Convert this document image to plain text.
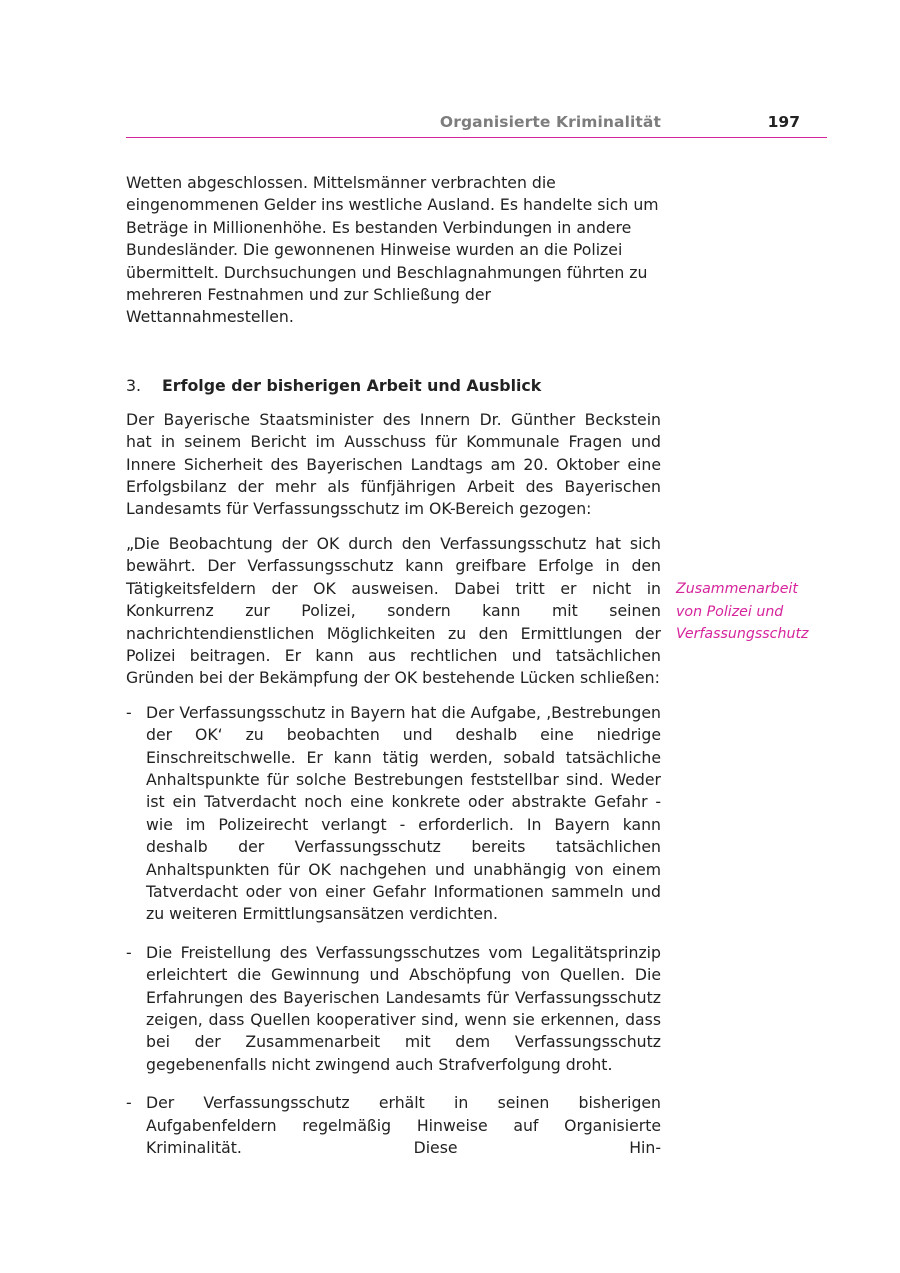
Organisierte Kriminalität	197

Wetten abgeschlossen. Mittelsmänner verbrachten die eingenommenen Gelder ins westliche Ausland. Es handelte sich um Beträge in Millionenhöhe. Es bestanden Verbindungen in andere Bundesländer. Die gewonnenen Hinweise wurden an die Polizei übermittelt. Durchsuchungen und Beschlagnahmungen führten zu mehreren Festnahmen und zur Schließung der Wettannahmestellen.

3.	Erfolge der bisherigen Arbeit und Ausblick

Der Bayerische Staatsminister des Innern Dr. Günther Beckstein hat in seinem Bericht im Ausschuss für Kommunale Fragen und Innere Sicherheit des Bayerischen Landtags am 20. Oktober eine Erfolgsbilanz der mehr als fünfjährigen Arbeit des Bayerischen Landesamts für Verfassungsschutz im OK-Bereich gezogen:

„Die Beobachtung der OK durch den Verfassungsschutz hat sich bewährt. Der Verfassungsschutz kann greifbare Erfolge in den Tätigkeitsfeldern der OK ausweisen. Dabei tritt er nicht in Konkurrenz zur Polizei, sondern kann mit seinen nachrichtendienstlichen Möglichkeiten zu den Ermittlungen der Polizei beitragen. Er kann aus rechtlichen und tatsächlichen Gründen bei der Bekämpfung der OK bestehende Lücken schließen:

- Der Verfassungsschutz in Bayern hat die Aufgabe, ‚Bestrebungen der OK‘ zu beobachten und deshalb eine niedrige Einschreitschwelle. Er kann tätig werden, sobald tatsächliche Anhaltspunkte für solche Bestrebungen feststellbar sind. Weder ist ein Tatverdacht noch eine konkrete oder abstrakte Gefahr - wie im Polizeirecht verlangt - erforderlich. In Bayern kann deshalb der Verfassungsschutz bereits tatsächlichen Anhaltspunkten für OK nachgehen und unabhängig von einem Tatverdacht oder von einer Gefahr Informationen sammeln und zu weiteren Ermittlungsansätzen verdichten.
- Die Freistellung des Verfassungsschutzes vom Legalitätsprinzip erleichtert die Gewinnung und Abschöpfung von Quellen. Die Erfahrungen des Bayerischen Landesamts für Verfassungsschutz zeigen, dass Quellen kooperativer sind, wenn sie erkennen, dass bei der Zusammenarbeit mit dem Verfassungsschutz gegebenenfalls nicht zwingend auch Strafverfolgung droht.
- Der Verfassungsschutz erhält in seinen bisherigen Aufgabenfeldern regelmäßig Hinweise auf Organisierte Kriminalität. Diese Hin-
Zusammenarbeit
von Polizei und
Verfassungsschutz
